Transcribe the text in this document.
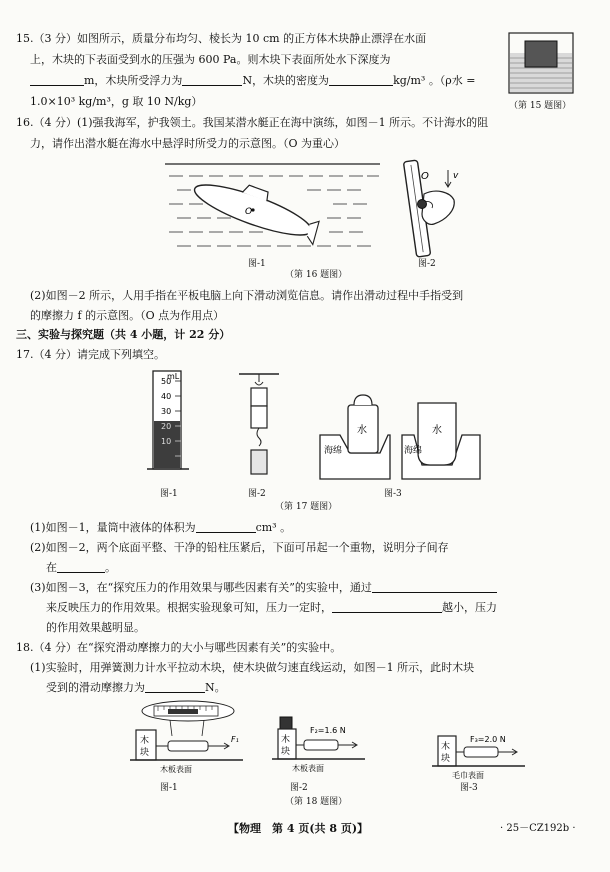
15.（3 分）如图所示，质量分布均匀、棱长为 10 cm 的正方体木块静止漂浮在水面
上，木块的下表面受到水的压强为 600 Pa。则木块下表面所处水下深度为
m，木块所受浮力为	N，木块的密度为	kg/m³ 。（ρ水 =
1.0×10³ kg/m³，g 取 10 N/kg）	（第 15 题图）
16.（4 分）(1)强我海军，护我领土。我国某潜水艇正在海中演练，如图－1 所示。不计海水的阻
力，请作出潜水艇在海水中悬浮时所受力的示意图。（O 为重心）
O
图-1
O	v
图-2
（第 16 题图）
(2)如图－2 所示，人用手指在平板电脑上向下滑动浏览信息。请作出滑动过程中手指受到
的摩擦力 f 的示意图。（O 点为作用点）
三、实验与探究题（共 4 小题，计 22 分）
17.（4 分）请完成下列填空。
mL
50
40
30
20
10
图-1	图-2
水
海绵
水
海绵
图-3
（第 17 题图）
(1)如图－1，量筒中液体的体积为	cm³ 。
(2)如图－2，两个底面平整、干净的铅柱压紧后，下面可吊起一个重物，说明分子间存
在	。
(3)如图－3，在“探究压力的作用效果与哪些因素有关”的实验中，通过
来反映压力的作用效果。根据实验现象可知，压力一定时，	越小，压力
的作用效果越明显。
18.（4 分）在“探究滑动摩擦力的大小与哪些因素有关”的实验中。
(1)实验时，用弹簧测力计水平拉动木块，使木块做匀速直线运动，如图－1 所示，此时木块
受到的滑动摩擦力为	N。
木
块
F₁
木板表面
图-1
木
块
F₂=1.6 N
木板表面
图-2
木
块
F₃=2.0 N
毛巾表面
图-3
（第 18 题图）
【物理　第 4 页(共 8 页)】	· 25－CZ192b ·
